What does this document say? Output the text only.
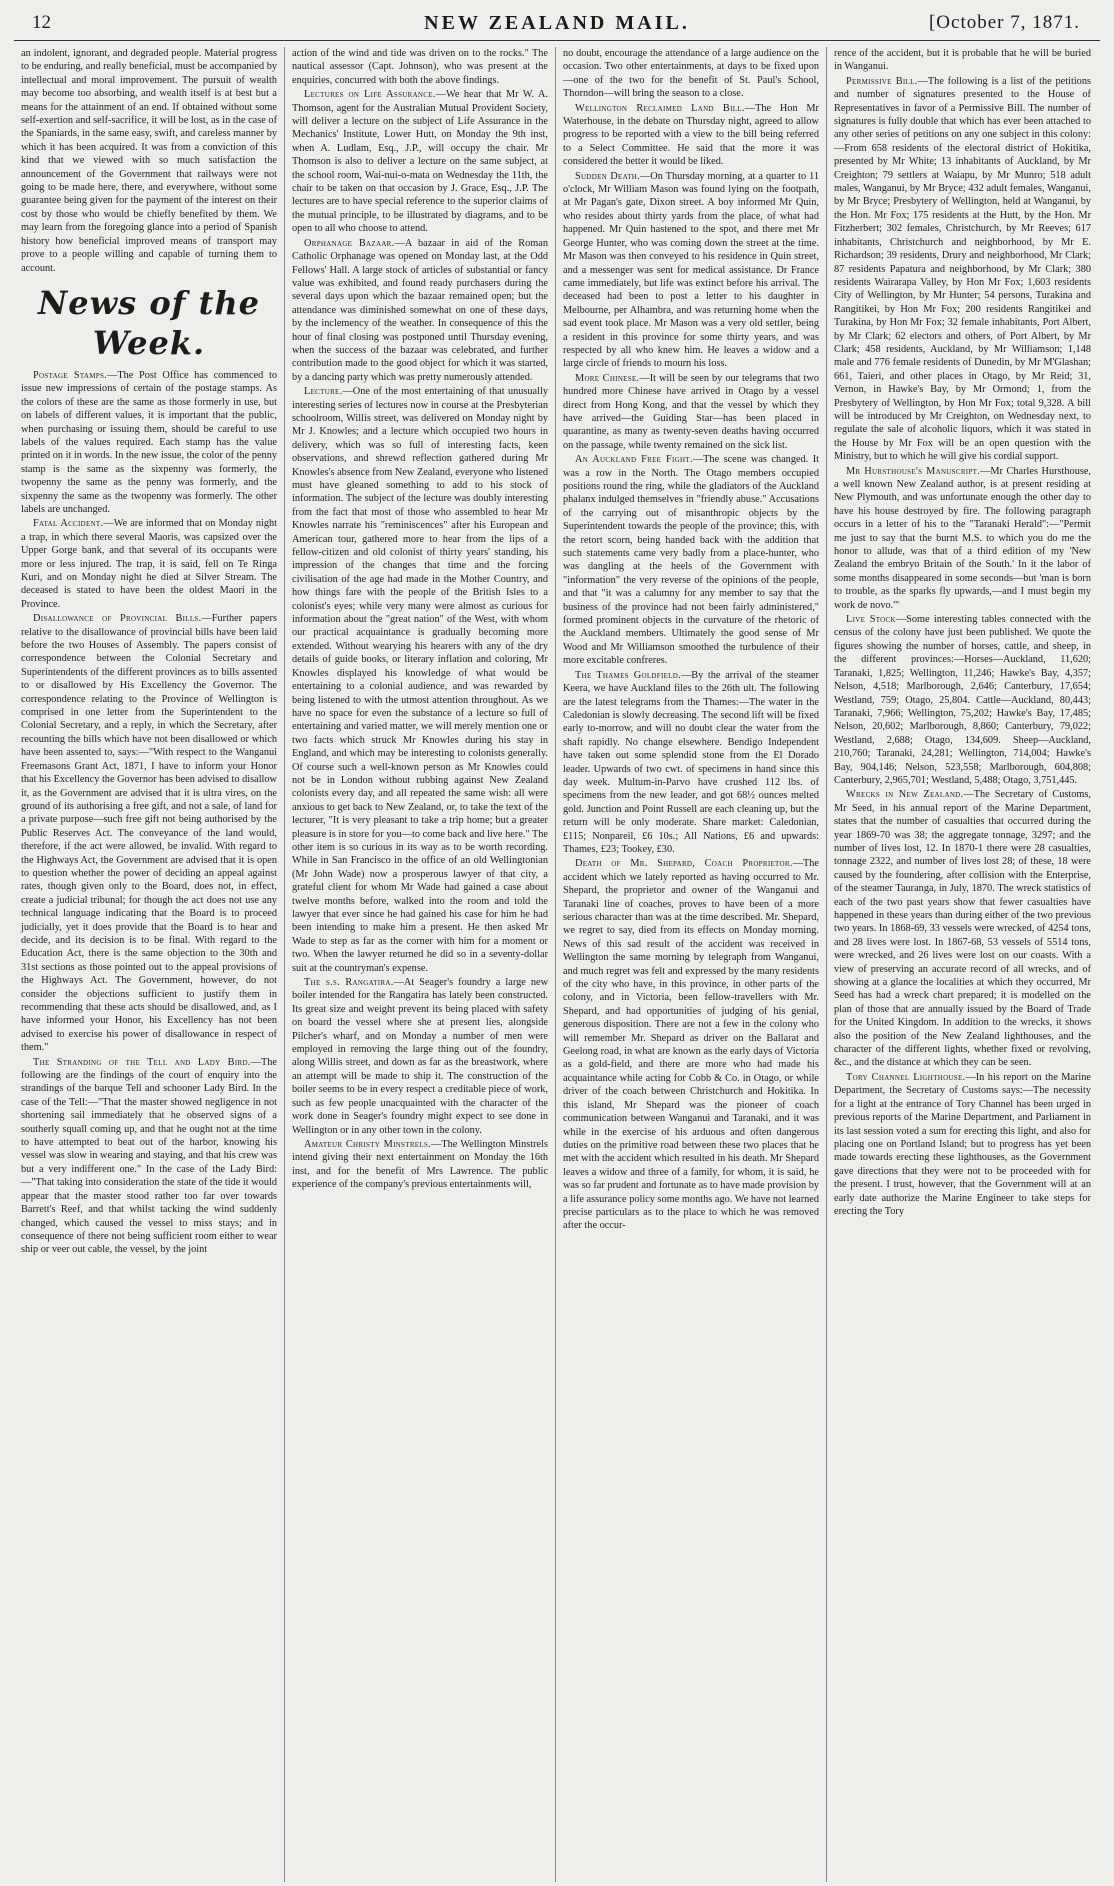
12	NEW ZEALAND MAIL.	[October 7, 1871.

an indolent, ignorant, and degraded people. Material progress to be enduring, and really beneficial, must be accompanied by intellectual and moral improvement. The pursuit of wealth may become too absorbing, and wealth itself is at best but a means for the attainment of an end. If obtained without some self-exertion and self-sacrifice, it will be lost, as in the case of the Spaniards, in the same easy, swift, and careless manner by which it has been acquired. It was from a conviction of this kind that we viewed with so much satisfaction the announcement of the Government that railways were not going to be made here, there, and everywhere, without some guarantee being given for the payment of the interest on their cost by those who would be chiefly benefited by them. We may learn from the foregoing glance into a period of Spanish history how beneficial improved means of transport may prove to a people willing and capable of turning them to account.

News of the Week.

Postage Stamps.—The Post Office has commenced to issue new impressions of certain of the postage stamps. As the colors of these are the same as those formerly in use, but on labels of different values, it is important that the public, when purchasing or issuing them, should be careful to use labels of the values required. Each stamp has the value printed on it in words. In the new issue, the color of the penny stamp is the same as the sixpenny was formerly, the twopenny the same as the penny was formerly, and the sixpenny the same as the twopenny was formerly. The other labels are unchanged.

Fatal Accident.—We are informed that on Monday night a trap, in which there several Maoris, was capsized over the Upper Gorge bank, and that several of its occupants were more or less injured. The trap, it is said, fell on Te Ringa Kuri, and on Monday night he died at Silver Stream. The deceased is stated to have been the oldest Maori in the Province.

Disallowance of Provincial Bills.—Further papers relative to the disallowance of provincial bills have been laid before the two Houses of Assembly. The papers consist of correspondence between the Colonial Secretary and Superintendents of the different provinces as to bills assented to or disallowed by His Excellency the Governor. The correspondence relating to the Province of Wellington is comprised in one letter from the Superintendent to the Colonial Secretary, and a reply, in which the Secretary, after recounting the bills which have not been disallowed or which have been assented to, says:—"With respect to the Wanganui Freemasons Grant Act, 1871, I have to inform your Honor that his Excellency the Governor has been advised to disallow it, as the Government are advised that it is ultra vires, on the ground of its authorising a free gift, and not a sale, of land for a private purpose—such free gift not being authorised by the Public Reserves Act. The conveyance of the land would, therefore, if the act were allowed, be invalid. With regard to the Highways Act, the Government are advised that it is open to question whether the power of deciding an appeal against rates, though given only to the Board, does not, in effect, create a judicial tribunal; for though the act does not use any technical language indicating that the Board is to proceed judicially, yet it does provide that the Board is to hear and decide, and its decision is to be final. With regard to the Education Act, there is the same objection to the 30th and 31st sections as those pointed out to the appeal provisions of the Highways Act. The Government, however, do not consider the objections sufficient to justify them in recommending that these acts should be disallowed, and, as I have informed your Honor, his Excellency has not been advised to exercise his power of disallowance in respect of them."

The Stranding of the Tell and Lady Bird.—The following are the findings of the court of enquiry into the strandings of the barque Tell and schooner Lady Bird. In the case of the Tell:—"That the master showed negligence in not shortening sail immediately that he observed signs of a southerly squall coming up, and that he ought not at the time to have attempted to beat out of the harbor, knowing his vessel was slow in wearing and staying, and that his crew was but a very indifferent one." In the case of the Lady Bird:—"That taking into consideration the state of the tide it would appear that the master stood rather too far over towards Barrett's Reef, and that whilst tacking the wind suddenly changed, which caused the vessel to miss stays; and in consequence of there not being sufficient room either to wear ship or veer out cable, the vessel, by the joint

action of the wind and tide was driven on to the rocks." The nautical assessor (Capt. Johnson), who was present at the enquiries, concurred with both the above findings.

Lectures on Life Assurance.—We hear that Mr W. A. Thomson, agent for the Australian Mutual Provident Society, will deliver a lecture on the subject of Life Assurance in the Mechanics' Institute, Lower Hutt, on Monday the 9th inst, when A. Ludlam, Esq., J.P., will occupy the chair. Mr Thomson is also to deliver a lecture on the same subject, at the school room, Wai-nui-o-mata on Wednesday the 11th, the chair to be taken on that occasion by J. Grace, Esq., J.P. The lectures are to have special reference to the superior claims of the mutual principle, to be illustrated by diagrams, and to be open to all who choose to attend.

Orphanage Bazaar.—A bazaar in aid of the Roman Catholic Orphanage was opened on Monday last, at the Odd Fellows' Hall. A large stock of articles of substantial or fancy value was exhibited, and found ready purchasers during the several days upon which the bazaar remained open; but the attendance was diminished somewhat on one of these days, by the inclemency of the weather. In consequence of this the hour of final closing was postponed until Thursday evening, when the success of the bazaar was celebrated, and further contribution made to the good object for which it was started, by a dancing party which was pretty numerously attended.

Lecture.—One of the most entertaining of that unusually interesting series of lectures now in course at the Presbyterian schoolroom, Willis street, was delivered on Monday night by Mr J. Knowles; and a lecture which occupied two hours in delivery, which was so full of interesting facts, keen observations, and shrewd reflection gathered during Mr Knowles's absence from New Zealand, everyone who listened must have gleaned something to add to his stock of information. The subject of the lecture was doubly interesting from the fact that most of those who assembled to hear Mr Knowles narrate his "reminiscences" after his European and American tour, gathered more to hear from the lips of a fellow-citizen and old colonist of thirty years' standing, his impression of the changes that time and the forcing civilisation of the age had made in the Mother Country, and how things fare with the people of the British Isles to a colonist's eyes; while very many were almost as curious for information about the "great nation" of the West, with whom our practical acquaintance is gradually becoming more extended. Without wearying his hearers with any of the dry details of guide books, or literary inflation and coloring, Mr Knowles displayed his knowledge of what would be entertaining to a colonial audience, and was rewarded by being listened to with the utmost attention throughout. As we have no space for even the substance of a lecture so full of entertaining and varied matter, we will merely mention one or two facts which struck Mr Knowles during his stay in England, and which may be interesting to colonists generally. Of course such a well-known person as Mr Knowles could not be in London without rubbing against New Zealand colonists every day, and all repeated the same wish: all were anxious to get back to New Zealand, or, to take the text of the lecturer, "It is very pleasant to take a trip home; but a greater pleasure is in store for you—to come back and live here." The other item is so curious in its way as to be worth recording. While in San Francisco in the office of an old Wellingtonian (Mr John Wade) now a prosperous lawyer of that city, a grateful client for whom Mr Wade had gained a case about twelve months before, walked into the room and told the lawyer that ever since he had gained his case for him he had been intending to make him a present. He then asked Mr Wade to step as far as the corner with him for a moment or two. When the lawyer returned he did so in a seventy-dollar suit at the countryman's expense.

The s.s. Rangatira.—At Seager's foundry a large new boiler intended for the Rangatira has lately been constructed. Its great size and weight prevent its being placed with safety on board the vessel where she at present lies, alongside Pilcher's wharf, and on Monday a number of men were employed in removing the large thing out of the foundry, along Willis street, and down as far as the breastwork, where an attempt will be made to ship it. The construction of the boiler seems to be in every respect a creditable piece of work, such as few people unacquainted with the character of the work done in Seager's foundry might expect to see done in Wellington or in any other town in the colony.

Amateur Christy Minstrels.—The Wellington Minstrels intend giving their next entertainment on Monday the 16th inst, and for the benefit of Mrs Lawrence. The public experience of the company's previous entertainments will,

no doubt, encourage the attendance of a large audience on the occasion. Two other entertainments, at days to be fixed upon—one of the two for the benefit of St. Paul's School, Thorndon—will bring the season to a close.

Wellington Reclaimed Land Bill.—The Hon Mr Waterhouse, in the debate on Thursday night, agreed to allow progress to be reported with a view to the bill being referred to a Select Committee. He said that the more it was considered the better it would be liked.

Sudden Death.—On Thursday morning, at a quarter to 11 o'clock, Mr William Mason was found lying on the footpath, at Mr Pagan's gate, Dixon street. A boy informed Mr Quin, who resides about thirty yards from the place, of what had happened. Mr Quin hastened to the spot, and there met Mr George Hunter, who was coming down the street at the time. Mr Mason was then conveyed to his residence in Quin street, and a messenger was sent for medical assistance. Dr France came immediately, but life was extinct before his arrival. The deceased had been to post a letter to his daughter in Melbourne, per Alhambra, and was returning home when the sad event took place. Mr Mason was a very old settler, being a resident in this province for some thirty years, and was respected by all who knew him. He leaves a widow and a large circle of friends to mourn his loss.

More Chinese.—It will be seen by our telegrams that two hundred more Chinese have arrived in Otago by a vessel direct from Hong Kong, and that the vessel by which they have arrived—the Guiding Star—has been placed in quarantine, as many as twenty-seven deaths having occurred on the passage, while twenty remained on the sick list.

An Auckland Free Fight.—The scene was changed. It was a row in the North. The Otago members occupied positions round the ring, while the gladiators of the Auckland phalanx indulged themselves in "friendly abuse." Accusations of the carrying out of misanthropic objects by the Superintendent towards the people of the province; this, with the retort scorn, being handed back with the addition that such statements came very badly from a place-hunter, who was dangling at the heels of the Government with "information" the very reverse of the opinions of the people, and that "it was a calumny for any member to say that the business of the province had not been fairly administered," formed prominent objects in the curvature of the rhetoric of the Auckland members. Ultimately the good sense of Mr Wood and Mr Williamson smoothed the turbulence of their more excitable confreres.

The Thames Goldfield.—By the arrival of the steamer Keera, we have Auckland files to the 26th ult. The following are the latest telegrams from the Thames:—The water in the Caledonian is slowly decreasing. The second lift will be fixed early to-morrow, and will no doubt clear the water from the shaft rapidly. No change elsewhere. Bendigo Independent have taken out some splendid stone from the El Dorado leader. Upwards of two cwt. of specimens in hand since this day week. Multum-in-Parvo have crushed 112 lbs. of specimens from the new leader, and got 68½ ounces melted gold. Junction and Point Russell are each cleaning up, but the return will be only moderate. Share market: Caledonian, £115; Nonpareil, £6 10s.; All Nations, £6 and upwards: Thames, £23; Tookey, £30.

Death of Mr. Shepard, Coach Proprietor.—The accident which we lately reported as having occurred to Mr. Shepard, the proprietor and owner of the Wanganui and Taranaki line of coaches, proves to have been of a more serious character than was at the time described. Mr. Shepard, we regret to say, died from its effects on Monday morning. News of this sad result of the accident was received in Wellington the same morning by telegraph from Wanganui, and much regret was felt and expressed by the many residents of the city who have, in this province, in other parts of the colony, and in Victoria, been fellow-travellers with Mr. Shepard, and had opportunities of judging of his genial, generous disposition. There are not a few in the colony who will remember Mr. Shepard as driver on the Ballarat and Geelong road, in what are known as the early days of Victoria as a gold-field, and there are more who had made his acquaintance while acting for Cobb & Co. in Otago, or while driver of the coach between Christchurch and Hokitika. In this island, Mr Shepard was the pioneer of coach communication between Wanganui and Taranaki, and it was while in the exercise of his arduous and often dangerous duties on the primitive road between these two places that he met with the accident which resulted in his death. Mr Shepard leaves a widow and three of a family, for whom, it is said, he was so far prudent and fortunate as to have made provision by a life assurance policy some months ago. We have not learned precise particulars as to the place to which he was removed after the occur-

rence of the accident, but it is probable that he will be buried in Wanganui.

Permissive Bill.—The following is a list of the petitions and number of signatures presented to the House of Representatives in favor of a Permissive Bill. The number of signatures is fully double that which has ever been attached to any other series of petitions on any one subject in this colony:—From 658 residents of the electoral district of Hokitika, presented by Mr White; 13 inhabitants of Auckland, by Mr Creighton; 79 settlers at Waiapu, by Mr Munro; 518 adult males, Wanganui, by Mr Bryce; 432 adult females, Wanganui, by Mr Bryce; Presbytery of Wellington, held at Wanganui, by the Hon. Mr Fox; 175 residents at the Hutt, by the Hon. Mr Fitzherbert; 302 females, Christchurch, by Mr Reeves; 617 inhabitants, Christchurch and neighborhood, by Mr E. Richardson; 39 residents, Drury and neighborhood, Mr Clark; 87 residents Papatura and neighborhood, by Mr Clark; 380 residents Wairarapa Valley, by Hon Mr Fox; 1,603 residents City of Wellington, by Mr Hunter; 54 persons, Turakina and Rangitikei, by Hon Mr Fox; 200 residents Rangitikei and Turakina, by Hon Mr Fox; 32 female inhabitants, Port Albert, by Mr Clark; 62 electors and others, of Port Albert, by Mr Clark; 458 residents, Auckland, by Mr Williamson; 1,148 male and 776 female residents of Dunedin, by Mr M'Glashan; 661, Taieri, and other places in Otago, by Mr Reid; 31, Vernon, in Hawke's Bay, by Mr Ormond; 1, from the Presbytery of Wellington, by Hon Mr Fox; total 9,328. A bill will be introduced by Mr Creighton, on Wednesday next, to regulate the sale of alcoholic liquors, which it was stated in the House by Mr Fox will be an open question with the Ministry, but to which he will give his cordial support.

Mr Hursthouse's Manuscript.—Mr Charles Hursthouse, a well known New Zealand author, is at present residing at New Plymouth, and was unfortunate enough the other day to have his house destroyed by fire. The following paragraph occurs in a letter of his to the "Taranaki Herald":—"Permit me just to say that the burnt M.S. to which you do me the honor to allude, was that of a third edition of my 'New Zealand the embryo Britain of the South.' In it the labor of some months disappeared in some seconds—but 'man is born to trouble, as the sparks fly upwards,—and I must begin my work de novo.'"

Live Stock—Some interesting tables connected with the census of the colony have just been published. We quote the figures showing the number of horses, cattle, and sheep, in the different provinces:—Horses—Auckland, 11,620; Taranaki, 1,825; Wellington, 11,246; Hawke's Bay, 4,357; Nelson, 4,518; Marlborough, 2,646; Canterbury, 17,654; Westland, 759; Otago, 25,804. Cattle—Auckland, 80,443; Taranaki, 7,966; Wellington, 75,202; Hawke's Bay, 17,485; Nelson, 20,602; Marlborough, 8,860; Canterbury, 79,022; Westland, 2,688; Otago, 134,609. Sheep—Auckland, 210,760; Taranaki, 24,281; Wellington, 714,004; Hawke's Bay, 904,146; Nelson, 523,558; Marlborough, 604,808; Canterbury, 2,965,701; Westland, 5,488; Otago, 3,751,445.

Wrecks in New Zealand.—The Secretary of Customs, Mr Seed, in his annual report of the Marine Department, states that the number of casualties that occurred during the year 1869-70 was 38; the aggregate tonnage, 3297; and the number of lives lost, 12. In 1870-1 there were 28 casualties, tonnage 2322, and number of lives lost 28; of these, 18 were caused by the foundering, after collision with the Enterprise, of the steamer Tauranga, in July, 1870. The wreck statistics of each of the two past years show that fewer casualties have happened in these years than during either of the two previous two years. In 1868-69, 33 vessels were wrecked, of 4254 tons, and 28 lives were lost. In 1867-68, 53 vessels of 5514 tons, were wrecked, and 26 lives were lost on our coasts. With a view of preserving an accurate record of all wrecks, and of showing at a glance the localities at which they occurred, Mr Seed has had a wreck chart prepared; it is modelled on the plan of those that are annually issued by the Board of Trade for the United Kingdom. In addition to the wrecks, it shows also the position of the New Zealand lighthouses, and the character of the different lights, whether fixed or revolving, &c., and the distance at which they can be seen.

Tory Channel Lighthouse.—In his report on the Marine Department, the Secretary of Customs says:—The necessity for a light at the entrance of Tory Channel has been urged in previous reports of the Marine Department, and Parliament in its last session voted a sum for erecting this light, and also for placing one on Portland Island; but to progress has yet been made towards erecting these lighthouses, as the Government gave directions that they were not to be proceeded with for the present. I trust, however, that the Government will at an early date authorize the Marine Engineer to take steps for erecting the Tory
